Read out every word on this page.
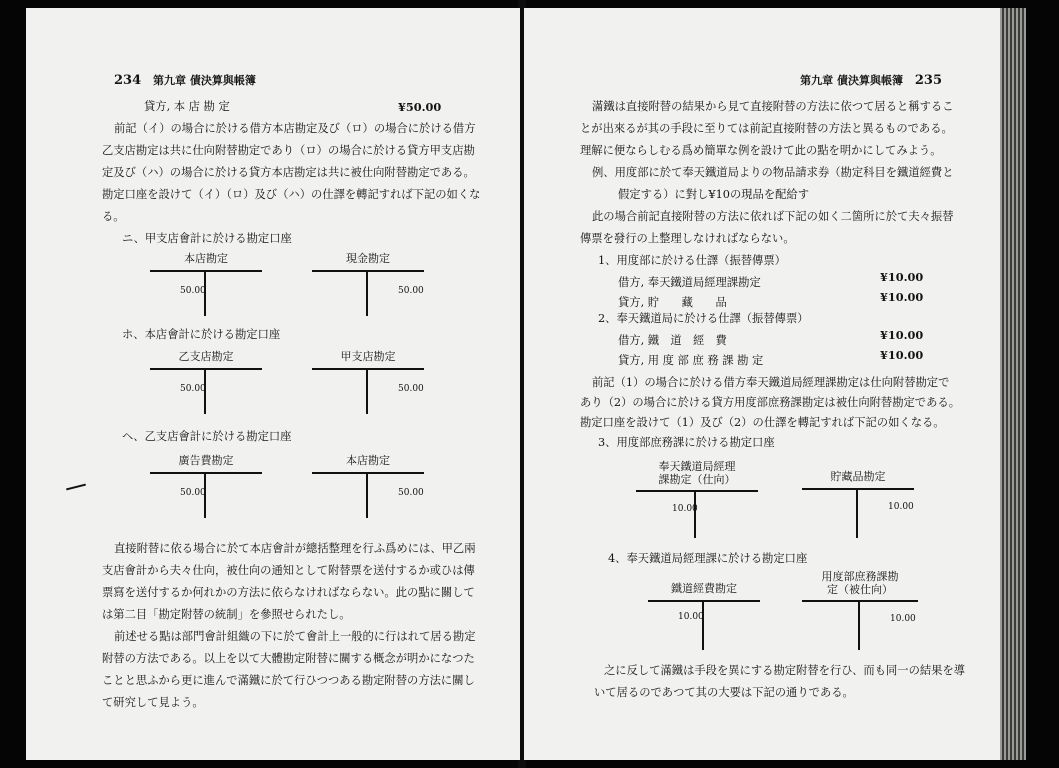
234 第九章 債決算與帳簿
貸方, 本 店 勘 定	¥50.00
前記（イ）の場合に於ける借方本店勘定及び（ロ）の場合に於ける借方
乙支店勘定は共に仕向附替勘定であり（ロ）の場合に於ける貸方甲支店勘
定及び（ハ）の場合に於ける貸方本店勘定は共に被仕向附替勘定である。
勘定口座を設けて（イ）（ロ）及び（ハ）の仕譯を轉記すれば下記の如くな
る。
ニ、甲支店會計に於ける勘定口座
本店勘定
50.00
現金勘定
50.00
ホ、本店會計に於ける勘定口座
乙支店勘定
50.00
甲支店勘定
50.00
ヘ、乙支店會計に於ける勘定口座
廣告費勘定
50.00
本店勘定
50.00
直接附替に依る場合に於て本店會計が總括整理を行ふ爲めには、甲乙兩
支店會計から夫々仕向，被仕向の通知として附替票を送付するか或ひは傳
票寫を送付するか何れかの方法に依らなければならない。此の點に關して
は第二目「勘定附替の統制」を參照せられたし。
前述せる點は部門會計組織の下に於て會計上一般的に行はれて居る勘定
附替の方法である。以上を以て大體勘定附替に關する概念が明かになつた
ことと思ふから更に進んで滿鐵に於て行ひつつある勘定附替の方法に關し
て研究して見よう。
第九章 債決算與帳簿 235
滿鐵は直接附替の結果から見て直接附替の方法に依つて居ると稱するこ
とが出來るが其の手段に至りては前記直接附替の方法と異るものである。
理解に便ならしむる爲め簡單な例を設けて此の點を明かにしてみよう。
例、用度部に於て奉天鐵道局よりの物品請求券（勘定科目を鐵道經費と
假定する）に對し¥10の現品を配給す
此の場合前記直接附替の方法に依れば下記の如く二箇所に於て夫々振替
傳票を發行の上整理しなければならない。
1、用度部に於ける仕譯（振替傳票）
借方, 奉天鐵道局經理課勘定	¥10.00
貸方, 貯　　藏　　品	¥10.00
2、奉天鐵道局に於ける仕譯（振替傳票）
借方, 鐵　道　經　費	¥10.00
貸方, 用 度 部 庶 務 課 勘 定	¥10.00
前記（1）の場合に於ける借方奉天鐵道局經理課勘定は仕向附替勘定で
あり（2）の場合に於ける貸方用度部庶務課勘定は被仕向附替勘定である。
勘定口座を設けて（1）及び（2）の仕譯を轉記すれば下記の如くなる。
3、用度部庶務課に於ける勘定口座
奉天鐵道局經理課勘定（仕向）
10.00
貯藏品勘定
10.00
4、奉天鐵道局經理課に於ける勘定口座
鐵道經費勘定
10.00
用度部庶務課勘定（被仕向）
10.00
之に反して滿鐵は手段を異にする勘定附替を行ひ、而も同一の結果を導
いて居るのであつて其の大要は下記の通りである。
